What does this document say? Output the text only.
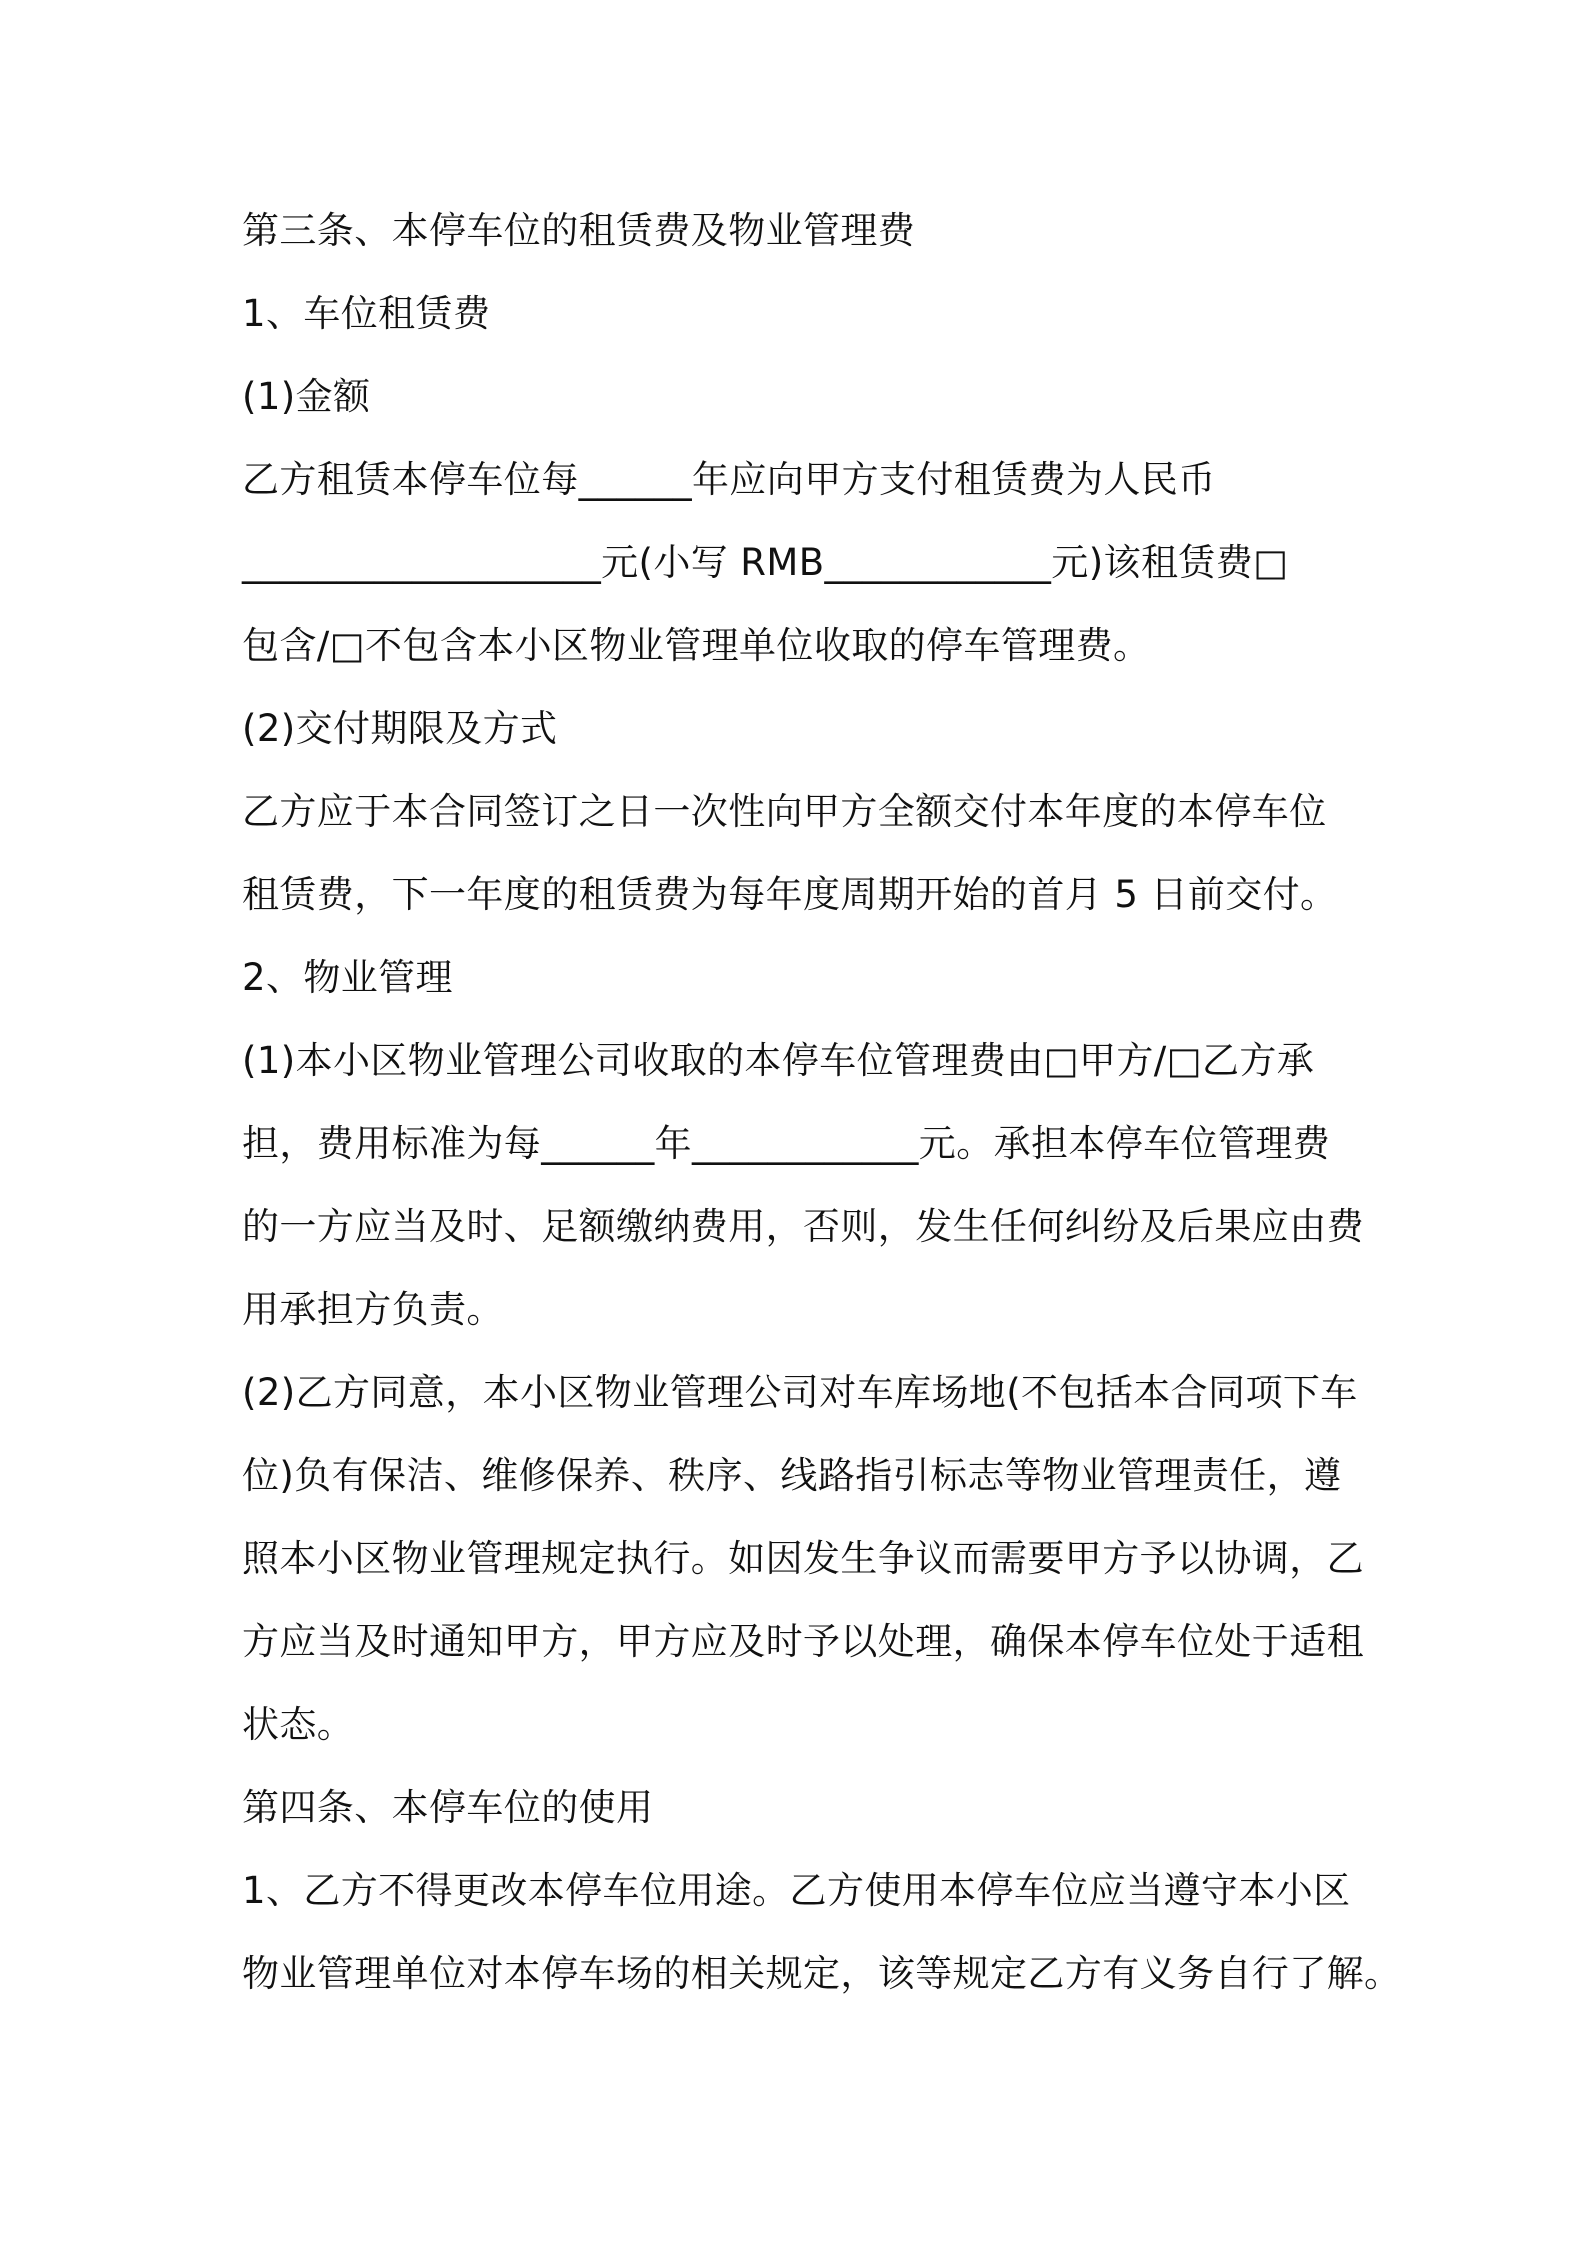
第三条、本停车位的租赁费及物业管理费

1、车位租赁费

(1)金额

乙方租赁本停车位每______年应向甲方支付租赁费为人民币

___________________元(小写 RMB____________元)该租赁费□

包含/□不包含本小区物业管理单位收取的停车管理费。

(2)交付期限及方式

乙方应于本合同签订之日一次性向甲方全额交付本年度的本停车位

租赁费，下一年度的租赁费为每年度周期开始的首月 5 日前交付。

2、物业管理

(1)本小区物业管理公司收取的本停车位管理费由□甲方/□乙方承

担，费用标准为每______年____________元。承担本停车位管理费

的一方应当及时、足额缴纳费用，否则，发生任何纠纷及后果应由费

用承担方负责。

(2)乙方同意，本小区物业管理公司对车库场地(不包括本合同项下车

位)负有保洁、维修保养、秩序、线路指引标志等物业管理责任，遵

照本小区物业管理规定执行。如因发生争议而需要甲方予以协调，乙

方应当及时通知甲方，甲方应及时予以处理，确保本停车位处于适租

状态。

第四条、本停车位的使用

1、乙方不得更改本停车位用途。乙方使用本停车位应当遵守本小区

物业管理单位对本停车场的相关规定，该等规定乙方有义务自行了解。
